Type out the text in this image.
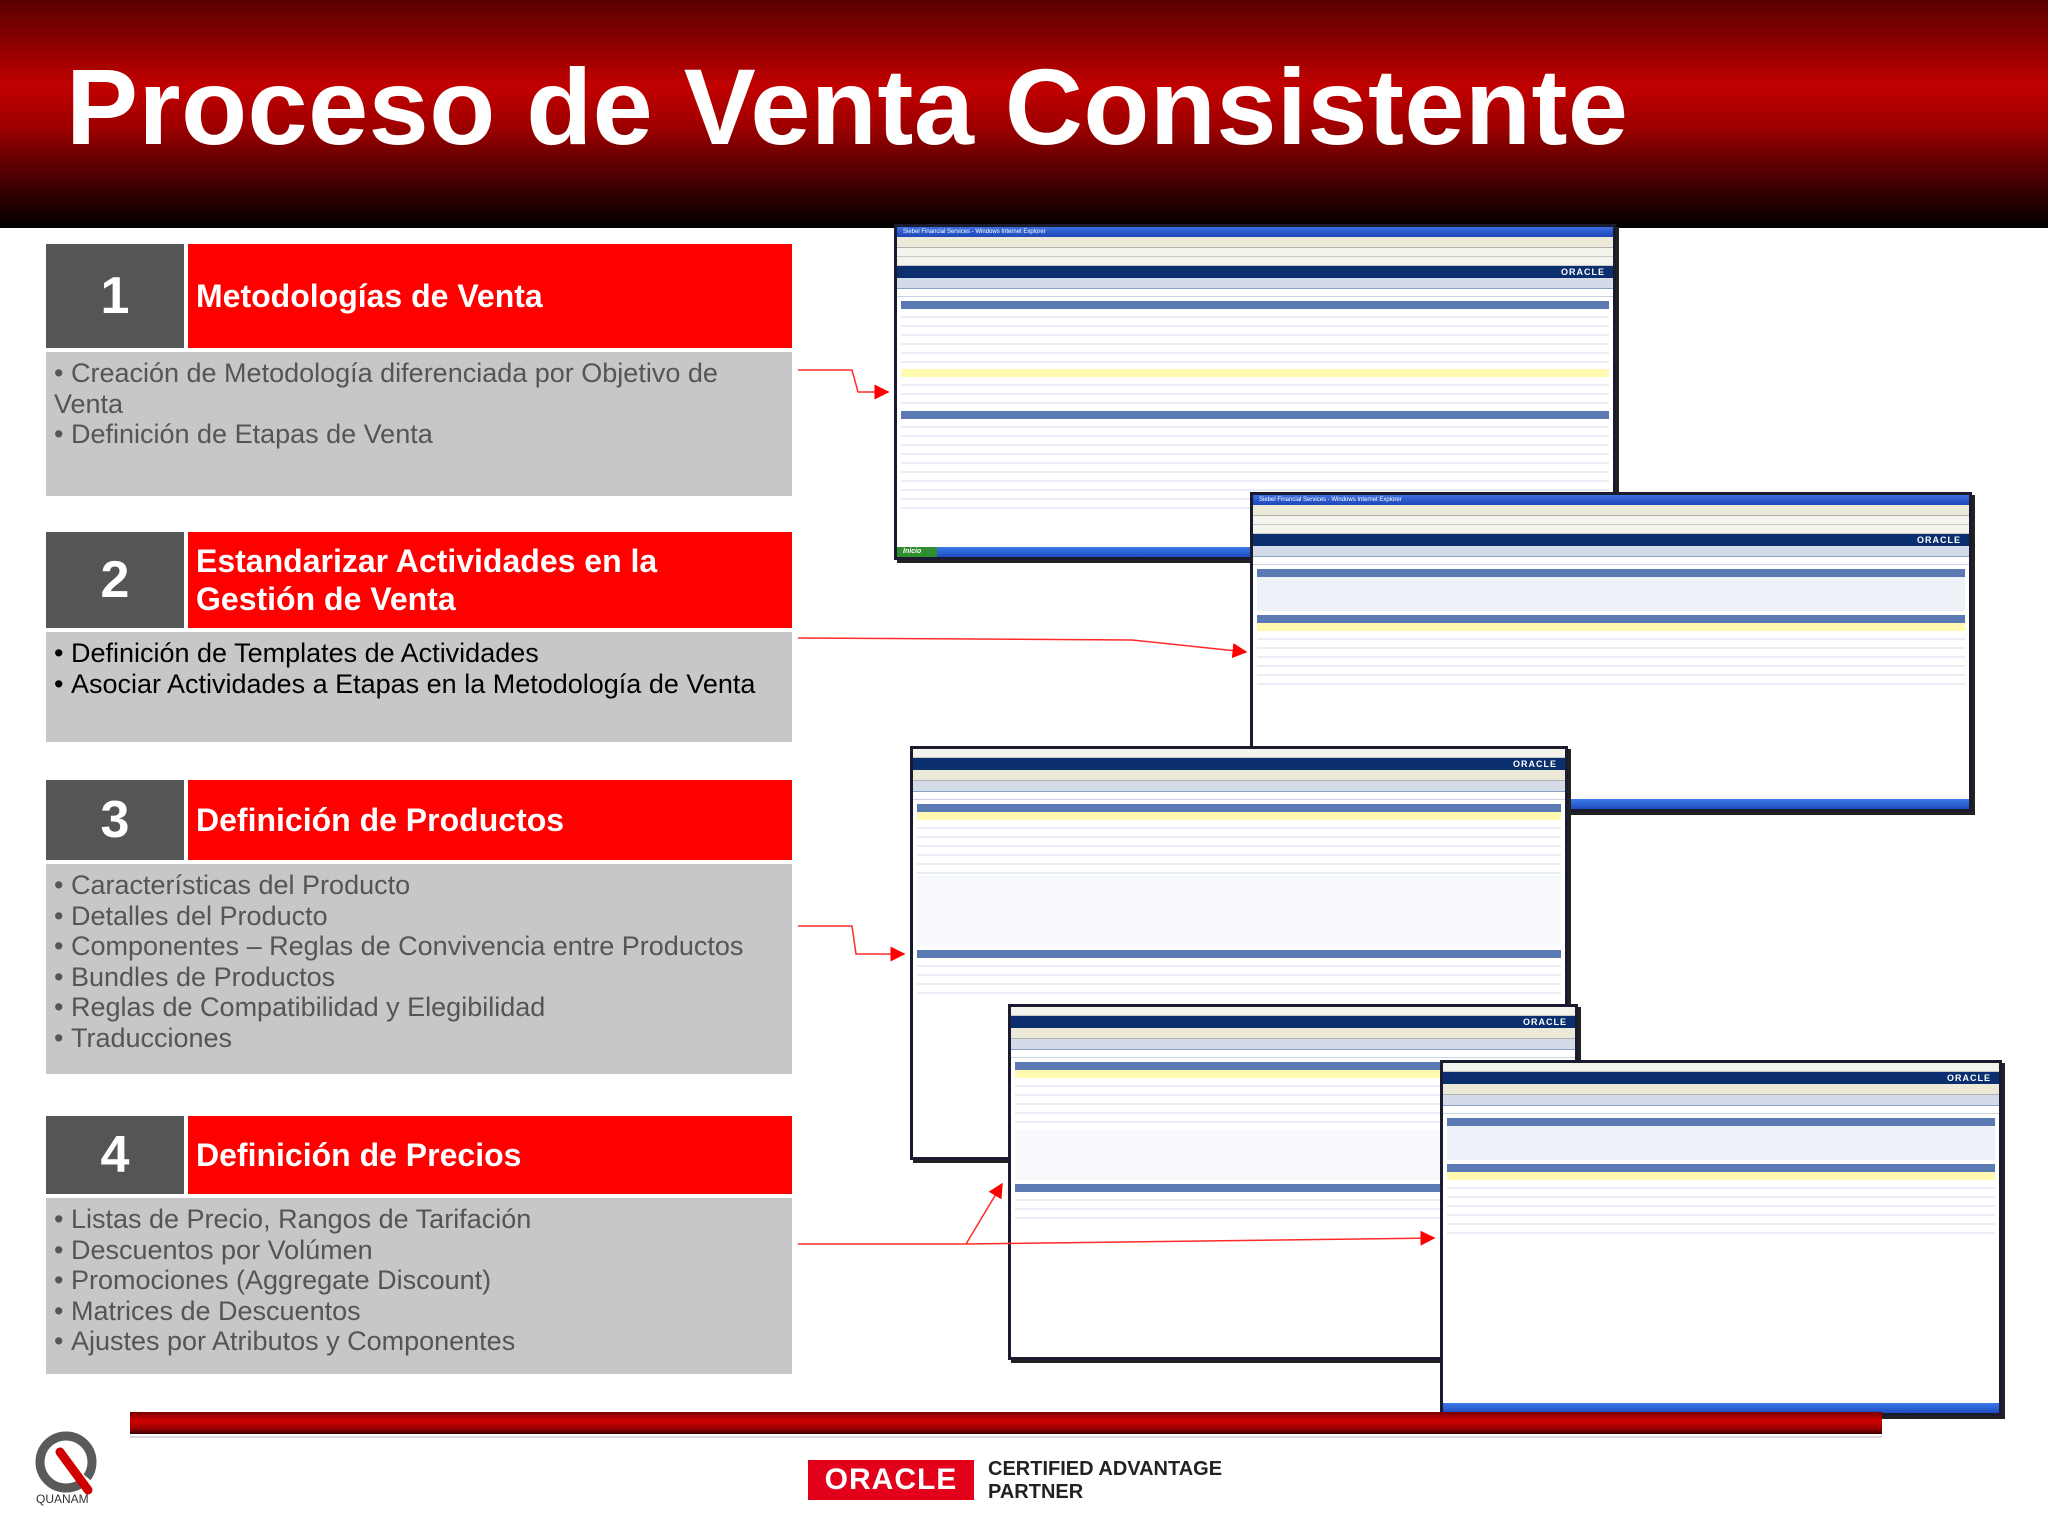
Proceso de Venta Consistente
1	Metodologías de Venta
• Creación de Metodología diferenciada por Objetivo de Venta
• Definición de Etapas de Venta
2	Estandarizar Actividades en la Gestión de Venta
• Definición de Templates de Actividades
• Asociar Actividades a Etapas en la Metodología de Venta
3	Definición de Productos
• Características del Producto
• Detalles del Producto
• Componentes – Reglas de Convivencia entre Productos
• Bundles de Productos
• Reglas de Compatibilidad y Elegibilidad
• Traducciones
4	Definición de Precios
• Listas de Precio, Rangos de Tarifación
• Descuentos por Volúmen
• Promociones (Aggregate Discount)
• Matrices de Descuentos
• Ajustes por Atributos y Componentes
Siebel Financial Services - Windows Internet Explorer
ORACLE
Inicio
Siebel Financial Services - Windows Internet Explorer
ORACLE
ORACLE
ORACLE
ORACLE
QUANAM
ORACLE CERTIFIED ADVANTAGE
PARTNER
